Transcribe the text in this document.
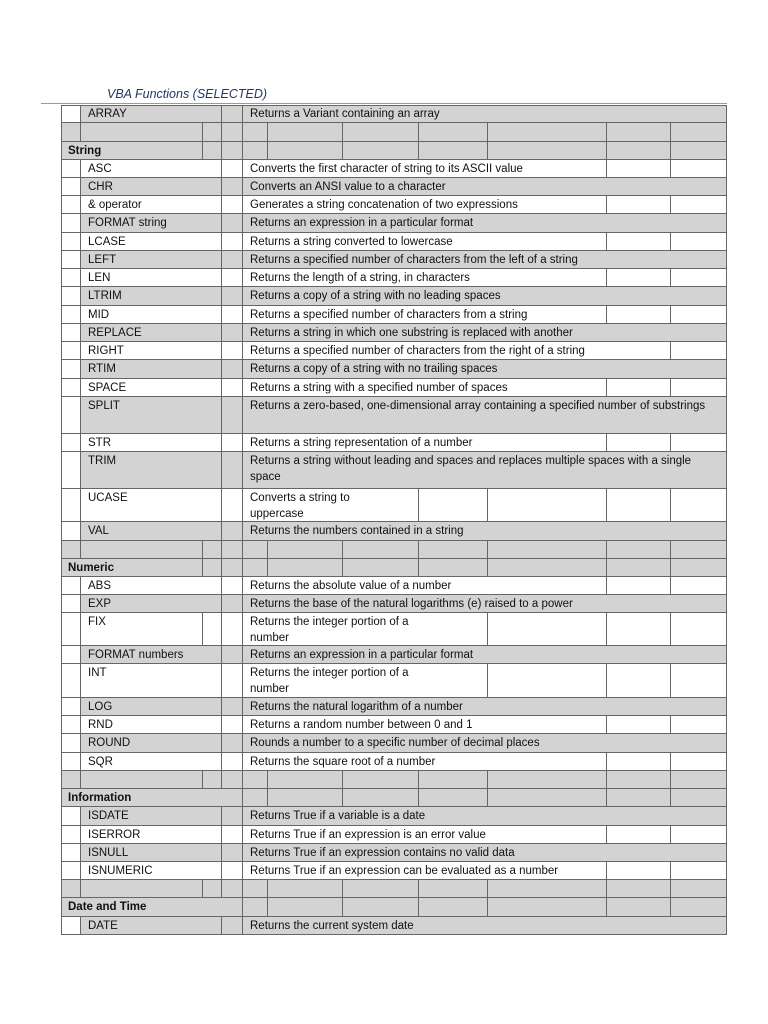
VBA Functions (SELECTED)
ARRAY	Returns a Variant containing an array
String
ASC	Converts the first character of string to its ASCII value
CHR	Converts an ANSI value to a character
& operator	Generates a string concatenation of two expressions
FORMAT string	Returns an expression in a particular format
LCASE	Returns a string converted to lowercase
LEFT	Returns a specified number of characters from the left of a string
LEN	Returns the length of a string, in characters
LTRIM	Returns a copy of a string with no leading spaces
MID	Returns a specified number of characters from a string
REPLACE	Returns a string in which one substring is replaced with another
RIGHT	Returns a specified number of characters from the right of a string
RTIM	Returns a copy of a string with no trailing spaces
SPACE	Returns a string with a specified number of spaces
SPLIT	Returns a zero-based, one-dimensional array containing a specified number of substrings
STR	Returns a string representation of a number
TRIM	Returns a string without leading and spaces and replaces multiple spaces with a single space
UCASE	Converts a string to uppercase
VAL	Returns the numbers contained in a string
Numeric
ABS	Returns the absolute value of a number
EXP	Returns the base of the natural logarithms (e) raised to a power
FIX	Returns the integer portion of a number
FORMAT numbers	Returns an expression in a particular format
INT	Returns the integer portion of a number
LOG	Returns the natural logarithm of a number
RND	Returns a random number between 0 and 1
ROUND	Rounds a number to a specific number of decimal places
SQR	Returns the square root of a number
Information
ISDATE	Returns True if a variable is a date
ISERROR	Returns True if an expression is an error value
ISNULL	Returns True if an expression contains no valid data
ISNUMERIC	Returns True if an expression can be evaluated as a number
Date and Time
DATE	Returns the current system date
